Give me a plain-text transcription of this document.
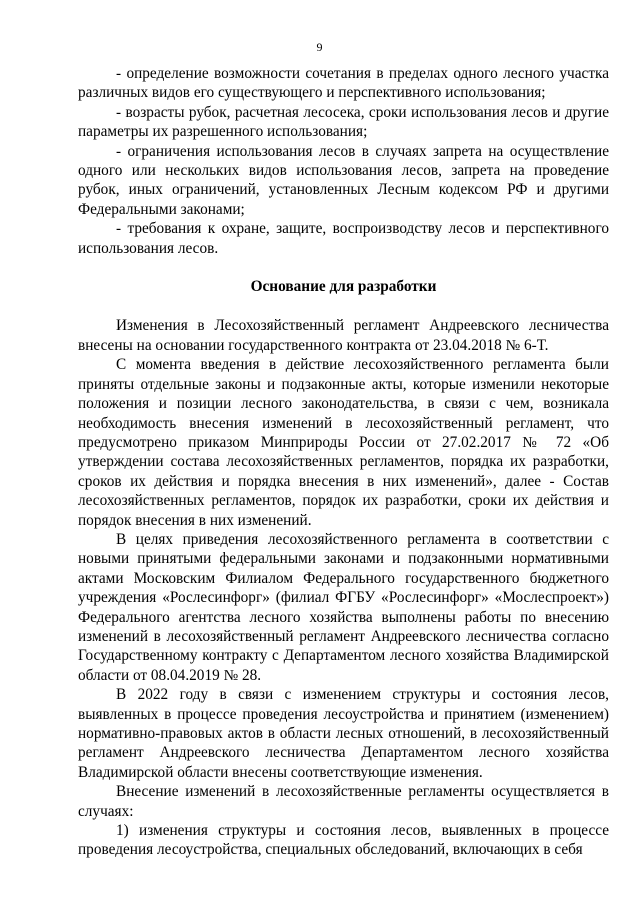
9

- определение возможности сочетания в пределах одного лесного участка различных видов его существующего и перспективного использования;

- возрасты рубок, расчетная лесосека, сроки использования лесов и другие параметры их разрешенного использования;

- ограничения использования лесов в случаях запрета на осуществление одного или нескольких видов использования лесов, запрета на проведение рубок, иных ограничений, установленных Лесным кодексом РФ и другими Федеральными законами;

- требования к охране, защите, воспроизводству лесов и перспективного использования лесов.

Основание для разработки

Изменения в Лесохозяйственный регламент Андреевского лесничества внесены на основании государственного контракта от 23.04.2018 № 6-Т.

С момента введения в действие лесохозяйственного регламента были приняты отдельные законы и подзаконные акты, которые изменили некоторые положения и позиции лесного законодательства, в связи с чем, возникала необходимость внесения изменений в лесохозяйственный регламент, что предусмотрено приказом Минприроды России от 27.02.2017 № 72 «Об утверждении состава лесохозяйственных регламентов, порядка их разработки, сроков их действия и порядка внесения в них изменений», далее - Состав лесохозяйственных регламентов, порядок их разработки, сроки их действия и порядок внесения в них изменений.

В целях приведения лесохозяйственного регламента в соответствии с новыми принятыми федеральными законами и подзаконными нормативными актами Московским Филиалом Федерального государственного бюджетного учреждения «Рослесинфорг» (филиал ФГБУ «Рослесинфорг» «Мослеспроект») Федерального агентства лесного хозяйства выполнены работы по внесению изменений в лесохозяйственный регламент Андреевского лесничества согласно Государственному контракту с Департаментом лесного хозяйства Владимирской области от 08.04.2019 № 28.

В 2022 году в связи с изменением структуры и состояния лесов, выявленных в процессе проведения лесоустройства и принятием (изменением) нормативно-правовых актов в области лесных отношений, в лесохозяйственный регламент Андреевского лесничества Департаментом лесного хозяйства Владимирской области внесены соответствующие изменения.

Внесение изменений в лесохозяйственные регламенты осуществляется в случаях:

1) изменения структуры и состояния лесов, выявленных в процессе проведения лесоустройства, специальных обследований, включающих в себя
